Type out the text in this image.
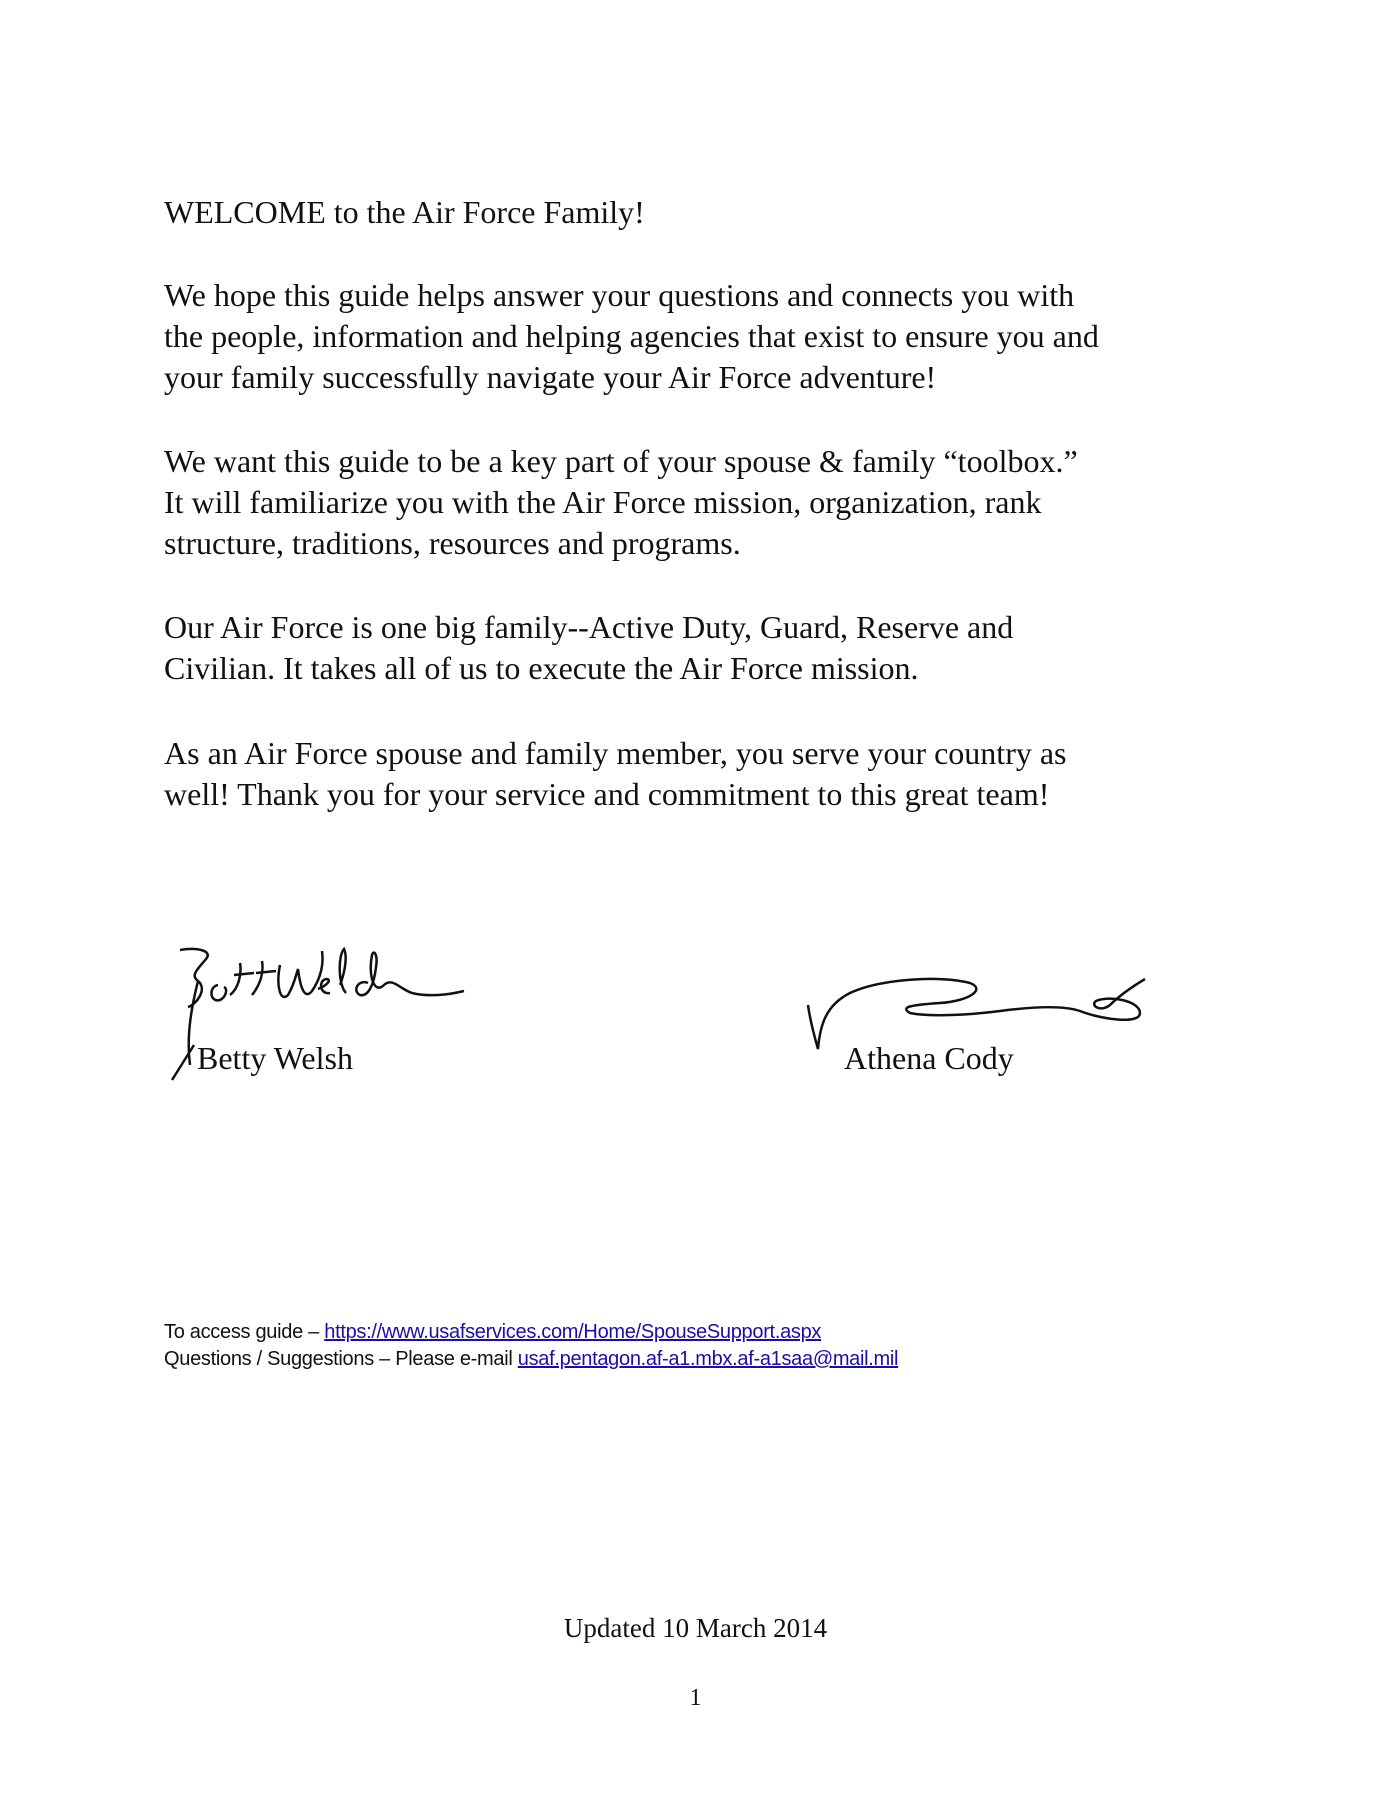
WELCOME to the Air Force Family!
We hope this guide helps answer your questions and connects you with
the people, information and helping agencies that exist to ensure you and
your family successfully navigate your Air Force adventure!
We want this guide to be a key part of your spouse & family “toolbox.”
It will familiarize you with the Air Force mission, organization, rank
structure, traditions, resources and programs.
Our Air Force is one big family--Active Duty, Guard, Reserve and
Civilian. It takes all of us to execute the Air Force mission.
As an Air Force spouse and family member, you serve your country as
well! Thank you for your service and commitment to this great team!
Betty Welsh	Athena Cody
To access guide – https://www.usafservices.com/Home/SpouseSupport.aspx
Questions / Suggestions – Please e-mail usaf.pentagon.af-a1.mbx.af-a1saa@mail.mil
Updated 10 March 2014
1
